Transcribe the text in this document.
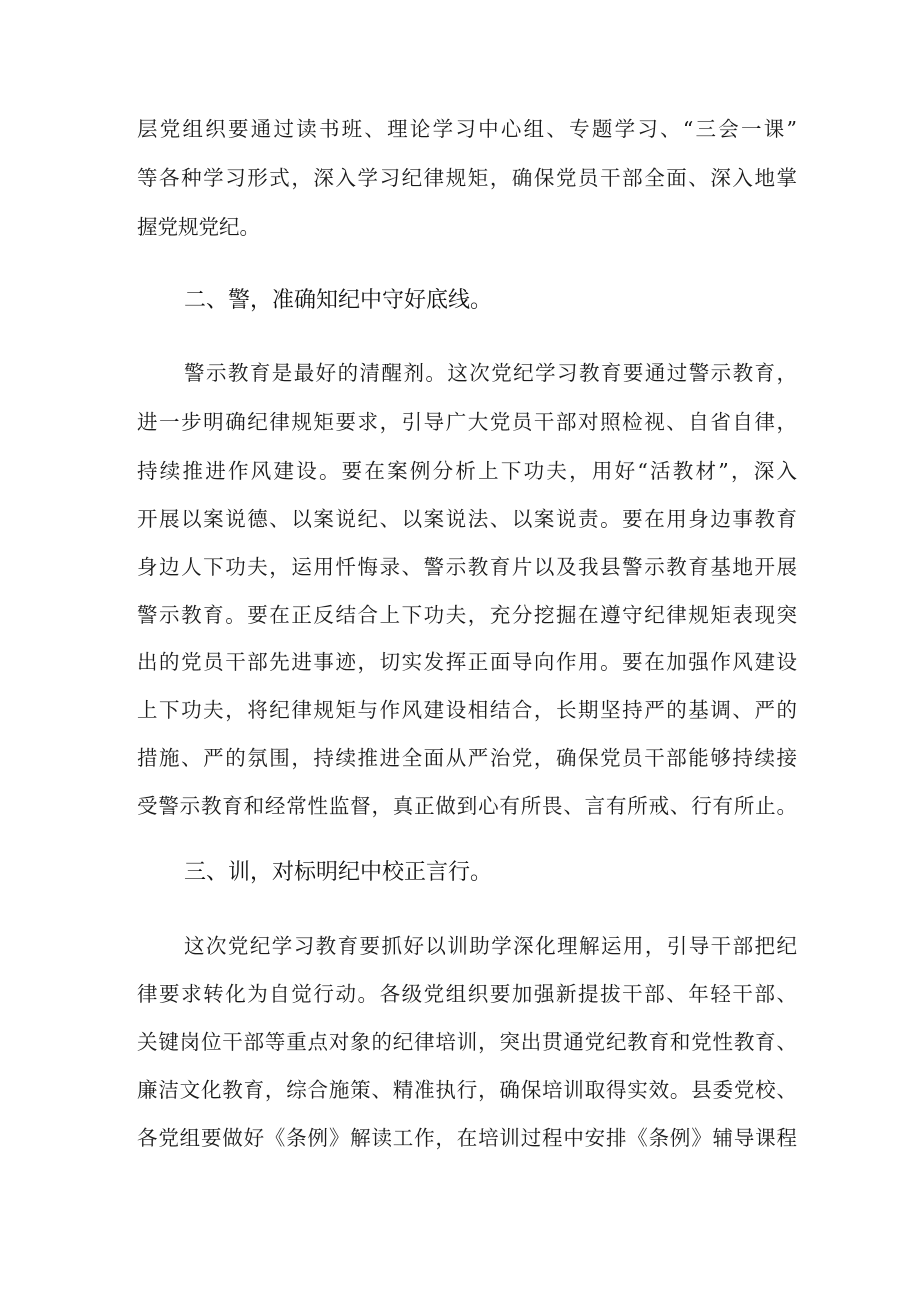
层党组织要通过读书班、理论学习中心组、专题学习、“三会一课”
等各种学习形式，深入学习纪律规矩，确保党员干部全面、深入地掌
握党规党纪。
二、警，准确知纪中守好底线。
警示教育是最好的清醒剂。这次党纪学习教育要通过警示教育，
进一步明确纪律规矩要求，引导广大党员干部对照检视、自省自律，
持续推进作风建设。要在案例分析上下功夫，用好“活教材”，深入
开展以案说德、以案说纪、以案说法、以案说责。要在用身边事教育
身边人下功夫，运用忏悔录、警示教育片以及我县警示教育基地开展
警示教育。要在正反结合上下功夫，充分挖掘在遵守纪律规矩表现突
出的党员干部先进事迹，切实发挥正面导向作用。要在加强作风建设
上下功夫，将纪律规矩与作风建设相结合，长期坚持严的基调、严的
措施、严的氛围，持续推进全面从严治党，确保党员干部能够持续接
受警示教育和经常性监督，真正做到心有所畏、言有所戒、行有所止。
三、训，对标明纪中校正言行。
这次党纪学习教育要抓好以训助学深化理解运用，引导干部把纪
律要求转化为自觉行动。各级党组织要加强新提拔干部、年轻干部、
关键岗位干部等重点对象的纪律培训，突出贯通党纪教育和党性教育、
廉洁文化教育，综合施策、精准执行，确保培训取得实效。县委党校、
各党组要做好《条例》解读工作，在培训过程中安排《条例》辅导课程
